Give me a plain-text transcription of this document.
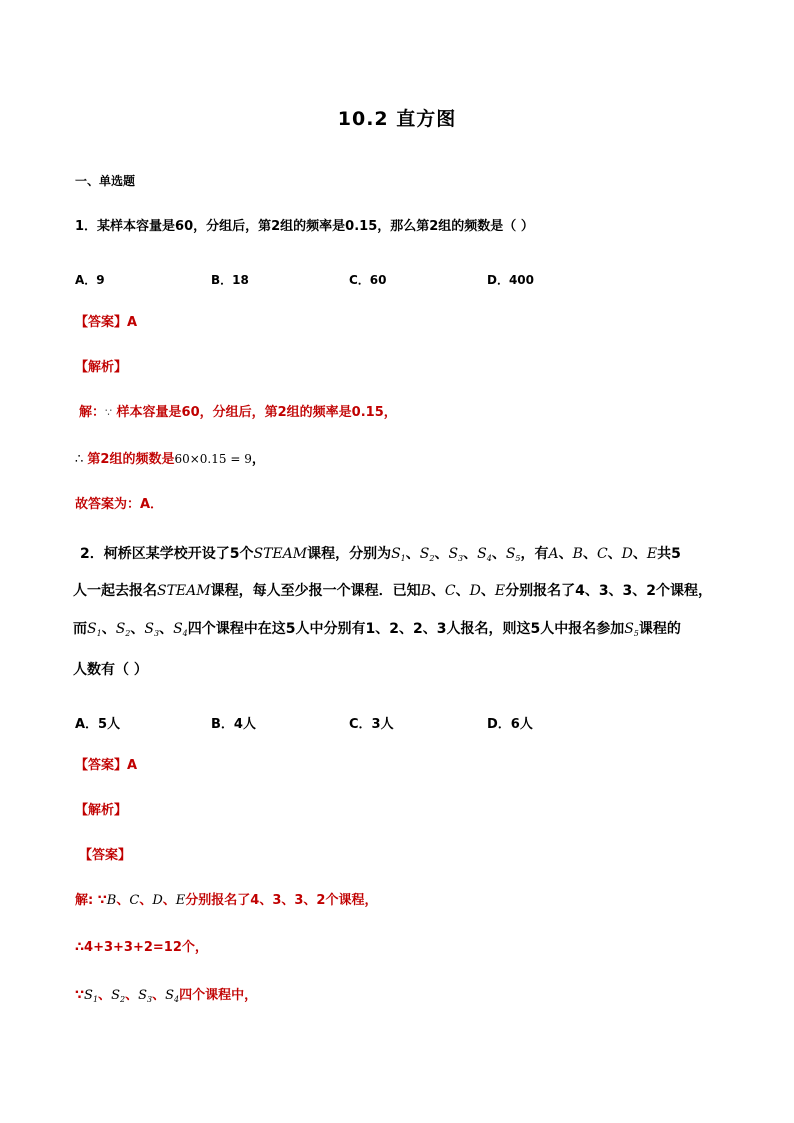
10.2 直方图
一、单选题
1．某样本容量是60，分组后，第2组的频率是0.15，那么第2组的频数是（ ）
A．9	B．18	C．60	D．400
【答案】A
【解析】
解：∵ 样本容量是60，分组后，第2组的频率是0.15，
∴ 第2组的频数是60×0.15 = 9，
故答案为：A．
2．柯桥区某学校开设了5个STEAM课程，分别为$S_1$、$S_2$、$S_3$、$S_4$、$S_5$，有A、B、C、D、E共5
人一起去报名STEAM课程，每人至少报一个课程．已知B、C、D、E分别报名了4、3、3、2个课程，
而$S_1$、$S_2$、$S_3$、$S_4$四个课程中在这5人中分别有1、2、2、3人报名，则这5人中报名参加$S_5$课程的
人数有（ ）
A．5人	B．4人	C．3人	D．6人
【答案】A
【解析】
【答案】
解: ∵B、C、D、E分别报名了4、3、3、2个课程，
∴4+3+3+2=12个，
$\because S_1$、$S_2$、$S_3$、$S_4$四个课程中，
